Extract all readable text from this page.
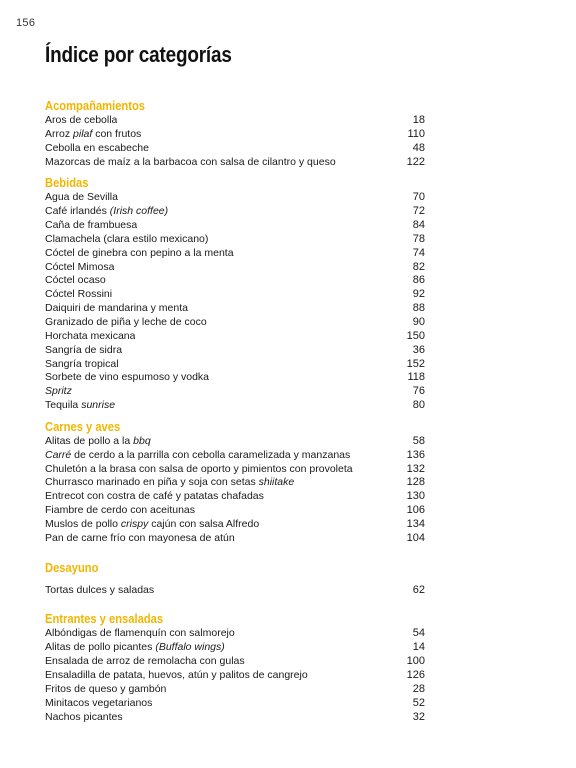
156
Índice por categorías
Acompañamientos
Aros de cebolla	18
Arroz pilaf con frutos	110
Cebolla en escabeche	48
Mazorcas de maíz a la barbacoa con salsa de cilantro y queso	122
Bebidas
Agua de Sevilla	70
Café irlandés (Irish coffee)	72
Caña de frambuesa	84
Clamachela (clara estilo mexicano)	78
Cóctel de ginebra con pepino a la menta	74
Cóctel Mimosa	82
Cóctel ocaso	86
Cóctel Rossini	92
Daiquiri de mandarina y menta	88
Granizado de piña y leche de coco	90
Horchata mexicana	150
Sangría de sidra	36
Sangría tropical	152
Sorbete de vino espumoso y vodka	118
Spritz	76
Tequila sunrise	80
Carnes y aves
Alitas de pollo a la bbq	58
Carré de cerdo a la parrilla con cebolla caramelizada y manzanas	136
Chuletón a la brasa con salsa de oporto y pimientos con provoleta	132
Churrasco marinado en piña y soja con setas shiitake	128
Entrecot con costra de café y patatas chafadas	130
Fiambre de cerdo con aceitunas	106
Muslos de pollo crispy cajún con salsa Alfredo	134
Pan de carne frío con mayonesa de atún	104
Desayuno
Tortas dulces y saladas	62
Entrantes y ensaladas
Albóndigas de flamenquín con salmorejo	54
Alitas de pollo picantes (Buffalo wings)	14
Ensalada de arroz de remolacha con gulas	100
Ensaladilla de patata, huevos, atún y palitos de cangrejo	126
Fritos de queso y gambón	28
Minitacos vegetarianos	52
Nachos picantes	32
